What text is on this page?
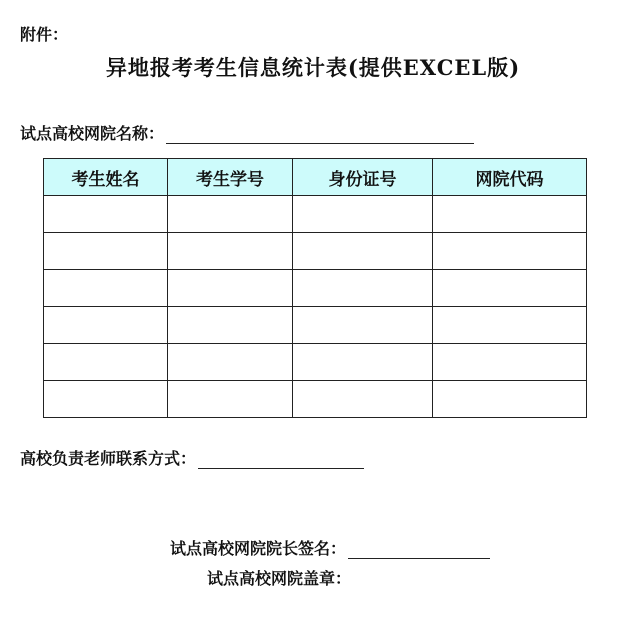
附件：
异地报考考生信息统计表(提供EXCEL版)
试点高校网院名称：
考生姓名	考生学号	身份证号	网院代码

高校负责老师联系方式：
试点高校网院院长签名：
试点高校网院盖章：
